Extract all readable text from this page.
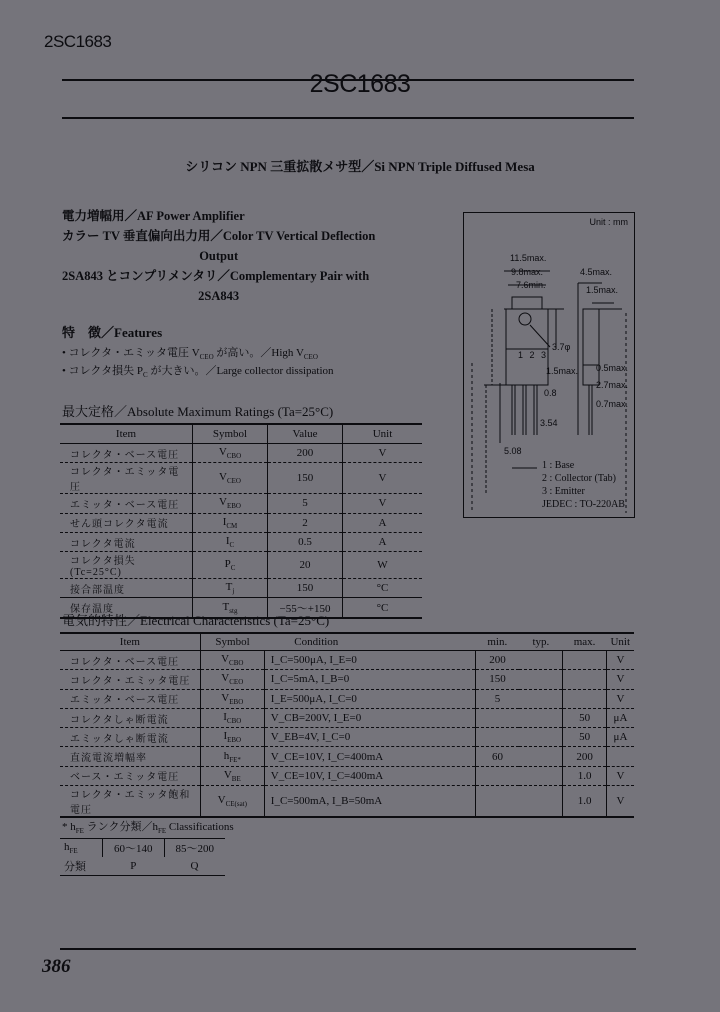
2SC1683
2SC1683
シリコン NPN 三重拡散メサ型／Si NPN Triple Diffused Mesa
電力増幅用／AF Power Amplifier
カラー TV 垂直偏向出力用／Color TV Vertical Deflection
Output
2SA843 とコンプリメンタリ／Complementary Pair with
2SA843
特　徴／Features
• コレクタ・エミッタ電圧 $V_{CEO}$ が高い。／High $V_{CEO}$
• コレクタ損失 $P_C$ が大きい。／Large collector dissipation
Unit : mm
11.5max.
9.8max.
7.6min.
3.7φ
1 2 3
1.5max.
0.8
3.54
5.08
4.5max.
1.5max.
0.5max.
2.7max.
0.7max.
1 : Base
2 : Collector (Tab)
3 : Emitter
JEDEC : TO-220AB
最大定格／Absolute Maximum Ratings (Ta=25°C)
Item	Symbol	Value	Unit
コレクタ・ベース電圧	$V_{CBO}$	200	V
コレクタ・エミッタ電圧	$V_{CEO}$	150	V
エミッタ・ベース電圧	$V_{EBO}$	5	V
せん頭コレクタ電流	$I_{CM}$	2	A
コレクタ電流	$I_C$	0.5	A
コレクタ損失 (Tc=25°C)	$P_C$	20	W
接合部温度	$T_j$	150	°C
保存温度	$T_{stg}$	−55～+150	°C
電気的特性／Electrical Characteristics (Ta=25°C)
Item	Symbol	Condition	min.	typ.	max.	Unit
コレクタ・ベース電圧	$V_{CBO}$	I_C=500μA, I_E=0	200			V
コレクタ・エミッタ電圧	$V_{CEO}$	I_C=5mA, I_B=0	150			V
エミッタ・ベース電圧	$V_{EBO}$	I_E=500μA, I_C=0	5			V
コレクタしゃ断電流	$I_{CBO}$	V_CB=200V, I_E=0			50	μA
エミッタしゃ断電流	$I_{EBO}$	V_EB=4V, I_C=0			50	μA
直流電流増幅率	$h_{FE*}$	V_CE=10V, I_C=400mA	60		200	
ベース・エミッタ電圧	$V_{BE}$	V_CE=10V, I_C=400mA			1.0	V
コレクタ・エミッタ飽和電圧	$V_{CE(sat)}$	I_C=500mA, I_B=50mA			1.0	V
* $h_{FE}$ ランク分類$/h_{FE}$ Classifications
$h_{FE}$	60～140	85～200
分類	P	Q
386
